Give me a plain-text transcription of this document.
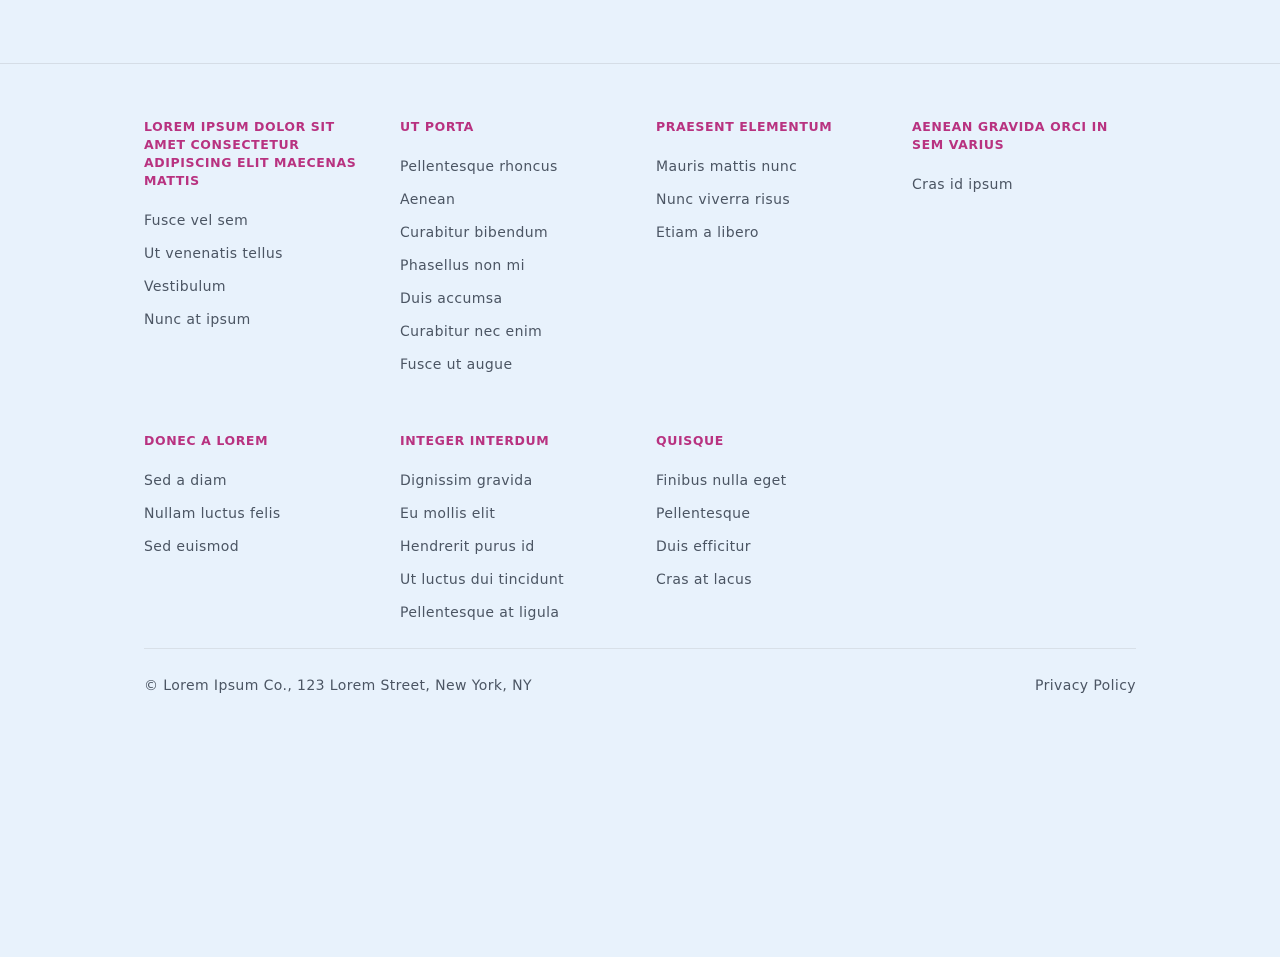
LOREM IPSUM DOLOR SIT AMET CONSECTETUR ADIPISCING ELIT MAECENAS MATTIS
Fusce vel sem
Ut venenatis tellus
Vestibulum
Nunc at ipsum
UT PORTA
Pellentesque rhoncus
Aenean
Curabitur bibendum
Phasellus non mi
Duis accumsa
Curabitur nec enim
Fusce ut augue
PRAESENT ELEMENTUM
Mauris mattis nunc
Nunc viverra risus
Etiam a libero
AENEAN GRAVIDA ORCI IN SEM VARIUS
Cras id ipsum
DONEC A LOREM
Sed a diam
Nullam luctus felis
Sed euismod
INTEGER INTERDUM
Dignissim gravida
Eu mollis elit
Hendrerit purus id
Ut luctus dui tincidunt
Pellentesque at ligula
QUISQUE
Finibus nulla eget
Pellentesque
Duis efficitur
Cras at lacus
© Lorem Ipsum Co., 123 Lorem Street, New York, NY	Privacy Policy
